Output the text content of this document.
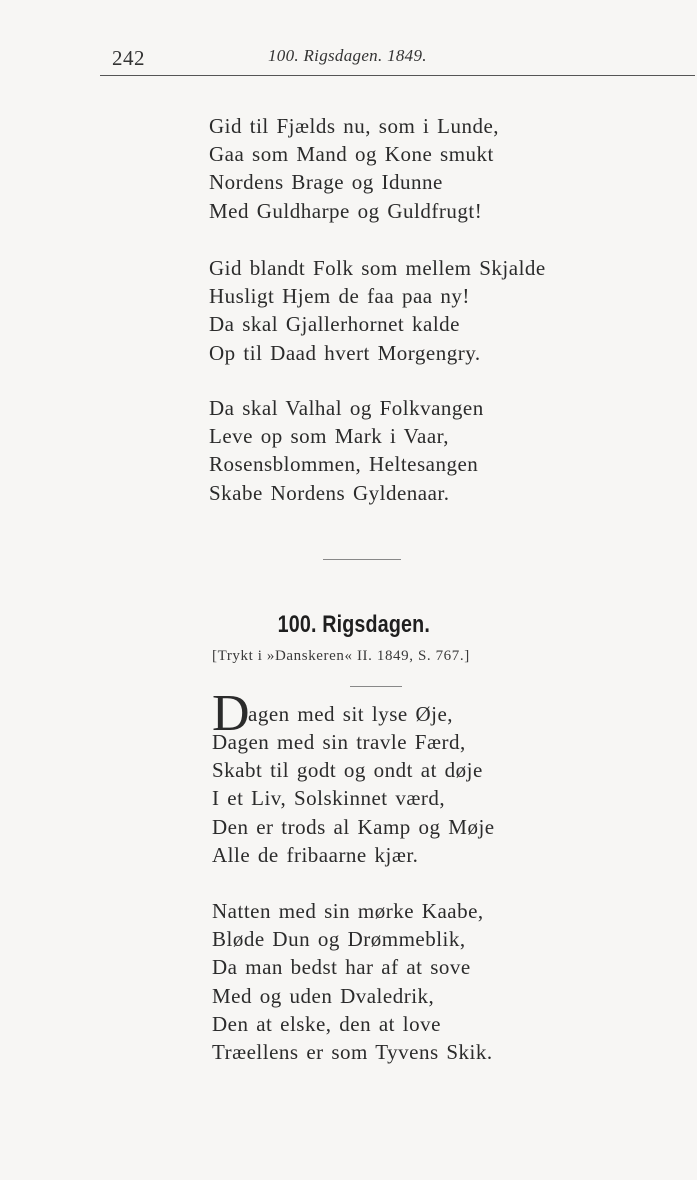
242	100. Rigsdagen. 1849.
Gid til Fjælds nu, som i Lunde,
Gaa som Mand og Kone smukt
Nordens Brage og Idunne
Med Guldharpe og Guldfrugt!
Gid blandt Folk som mellem Skjalde
Husligt Hjem de faa paa ny!
Da skal Gjallerhornet kalde
Op til Daad hvert Morgengry.
Da skal Valhal og Folkvangen
Leve op som Mark i Vaar,
Rosensblommen, Heltesangen
Skabe Nordens Gyldenaar.
100. Rigsdagen.
[Trykt i »Danskeren« II. 1849, S. 767.]
D
agen med sit lyse Øje,
Dagen med sin travle Færd,
Skabt til godt og ondt at døje
I et Liv, Solskinnet værd,
Den er trods al Kamp og Møje
Alle de fribaarne kjær.
Natten med sin mørke Kaabe,
Bløde Dun og Drømmeblik,
Da man bedst har af at sove
Med og uden Dvaledrik,
Den at elske, den at love
Træellens er som Tyvens Skik.
